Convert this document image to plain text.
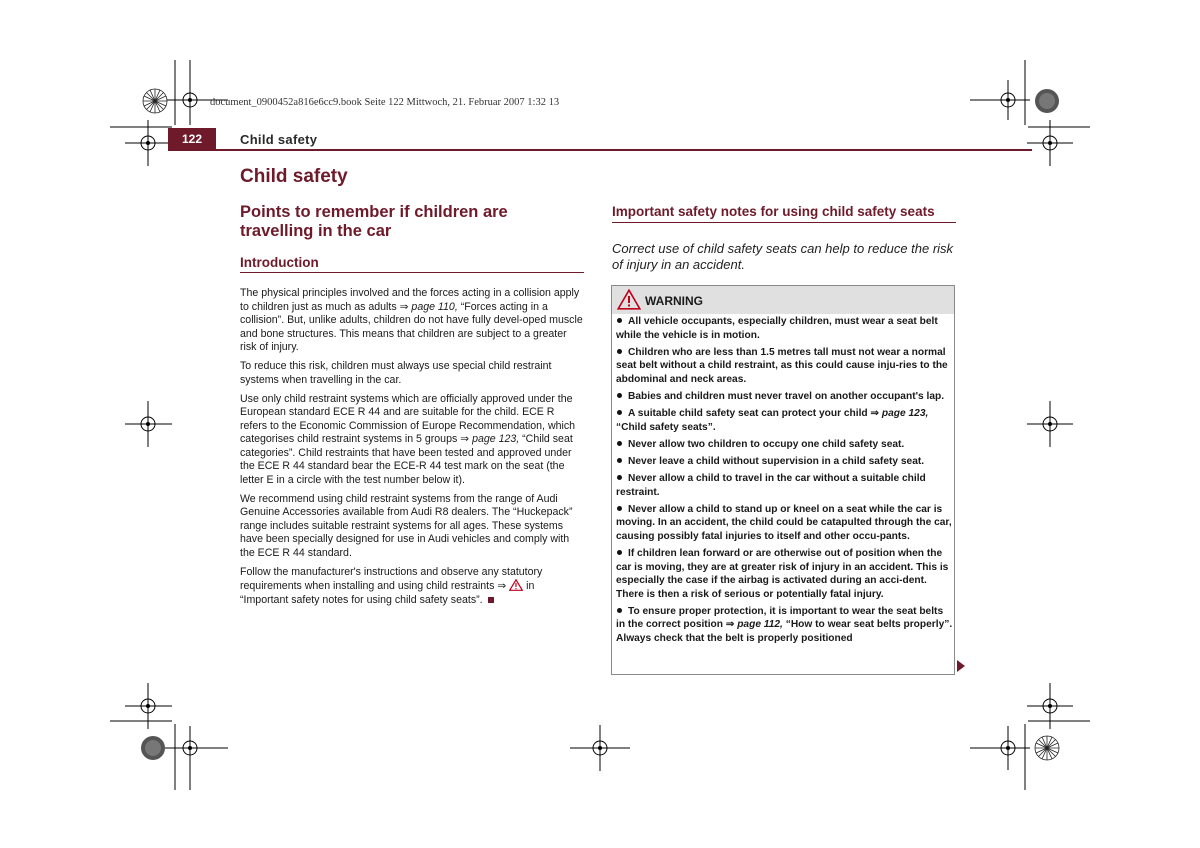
document_0900452a816e6cc9.book Seite 122 Mittwoch, 21. Februar 2007 1:32 13
122	Child safety
Child safety
Points to remember if children are travelling in the car
Introduction

The physical principles involved and the forces acting in a collision apply to children just as much as adults ⇒ page 110, “Forces acting in a collision”. But, unlike adults, children do not have fully devel-oped muscle and bone structures. This means that children are subject to a greater risk of injury.

To reduce this risk, children must always use special child restraint systems when travelling in the car.

Use only child restraint systems which are officially approved under the European standard ECE R 44 and are suitable for the child. ECE R refers to the Economic Commission of Europe Recommendation, which categorises child restraint systems in 5 groups ⇒ page 123, “Child seat categories”. Child restraints that have been tested and approved under the ECE R 44 standard bear the ECE-R 44 test mark on the seat (the letter E in a circle with the test number below it).

We recommend using child restraint systems from the range of Audi Genuine Accessories available from Audi R8 dealers. The “Huckepack” range includes suitable restraint systems for all ages. These systems have been specially designed for use in Audi vehicles and comply with the ECE R 44 standard.

Follow the manufacturer's instructions and observe any statutory requirements when installing and using child restraints ⇒  in “Important safety notes for using child safety seats”.

Important safety notes for using child safety seats
Correct use of child safety seats can help to reduce the risk of injury in an accident.
WARNING
All vehicle occupants, especially children, must wear a seat belt while the vehicle is in motion.
Children who are less than 1.5 metres tall must not wear a normal seat belt without a child restraint, as this could cause inju-ries to the abdominal and neck areas.
Babies and children must never travel on another occupant's lap.
A suitable child safety seat can protect your child ⇒ page 123, “Child safety seats”.
Never allow two children to occupy one child safety seat.
Never leave a child without supervision in a child safety seat.
Never allow a child to travel in the car without a suitable child restraint.
Never allow a child to stand up or kneel on a seat while the car is moving. In an accident, the child could be catapulted through the car, causing possibly fatal injuries to itself and other occu-pants.
If children lean forward or are otherwise out of position when the car is moving, they are at greater risk of injury in an accident. This is especially the case if the airbag is activated during an acci-dent. There is then a risk of serious or potentially fatal injury.
To ensure proper protection, it is important to wear the seat belts in the correct position ⇒ page 112, “How to wear seat belts properly”. Always check that the belt is properly positioned
